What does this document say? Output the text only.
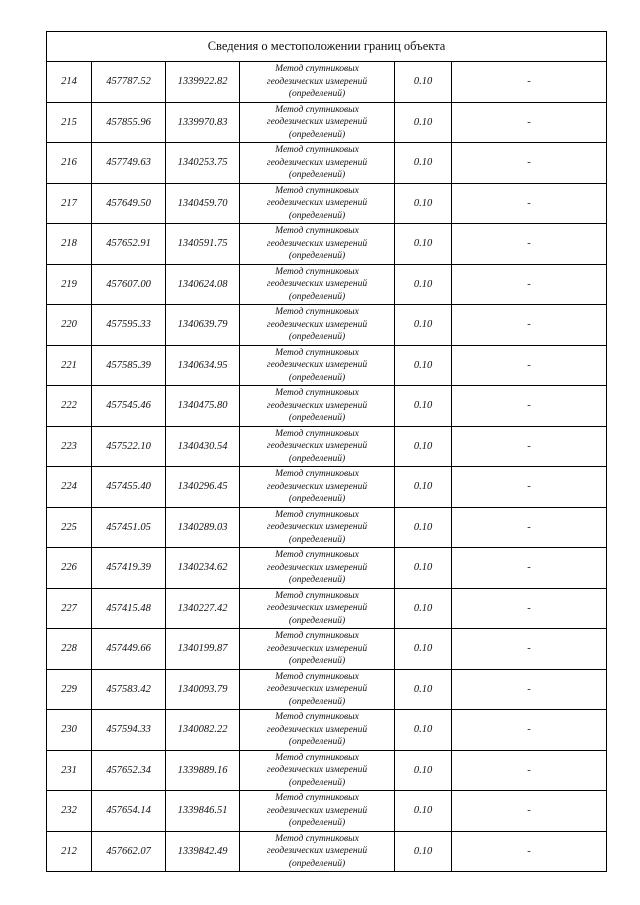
Сведения о местоположении границ объекта					
214	457787.52	1339922.82	Метод спутниковых
геодезических измерений
(определений)	0.10	-
215	457855.96	1339970.83	Метод спутниковых
геодезических измерений
(определений)	0.10	-
216	457749.63	1340253.75	Метод спутниковых
геодезических измерений
(определений)	0.10	-
217	457649.50	1340459.70	Метод спутниковых
геодезических измерений
(определений)	0.10	-
218	457652.91	1340591.75	Метод спутниковых
геодезических измерений
(определений)	0.10	-
219	457607.00	1340624.08	Метод спутниковых
геодезических измерений
(определений)	0.10	-
220	457595.33	1340639.79	Метод спутниковых
геодезических измерений
(определений)	0.10	-
221	457585.39	1340634.95	Метод спутниковых
геодезических измерений
(определений)	0.10	-
222	457545.46	1340475.80	Метод спутниковых
геодезических измерений
(определений)	0.10	-
223	457522.10	1340430.54	Метод спутниковых
геодезических измерений
(определений)	0.10	-
224	457455.40	1340296.45	Метод спутниковых
геодезических измерений
(определений)	0.10	-
225	457451.05	1340289.03	Метод спутниковых
геодезических измерений
(определений)	0.10	-
226	457419.39	1340234.62	Метод спутниковых
геодезических измерений
(определений)	0.10	-
227	457415.48	1340227.42	Метод спутниковых
геодезических измерений
(определений)	0.10	-
228	457449.66	1340199.87	Метод спутниковых
геодезических измерений
(определений)	0.10	-
229	457583.42	1340093.79	Метод спутниковых
геодезических измерений
(определений)	0.10	-
230	457594.33	1340082.22	Метод спутниковых
геодезических измерений
(определений)	0.10	-
231	457652.34	1339889.16	Метод спутниковых
геодезических измерений
(определений)	0.10	-
232	457654.14	1339846.51	Метод спутниковых
геодезических измерений
(определений)	0.10	-
212	457662.07	1339842.49	Метод спутниковых
геодезических измерений
(определений)	0.10	-
